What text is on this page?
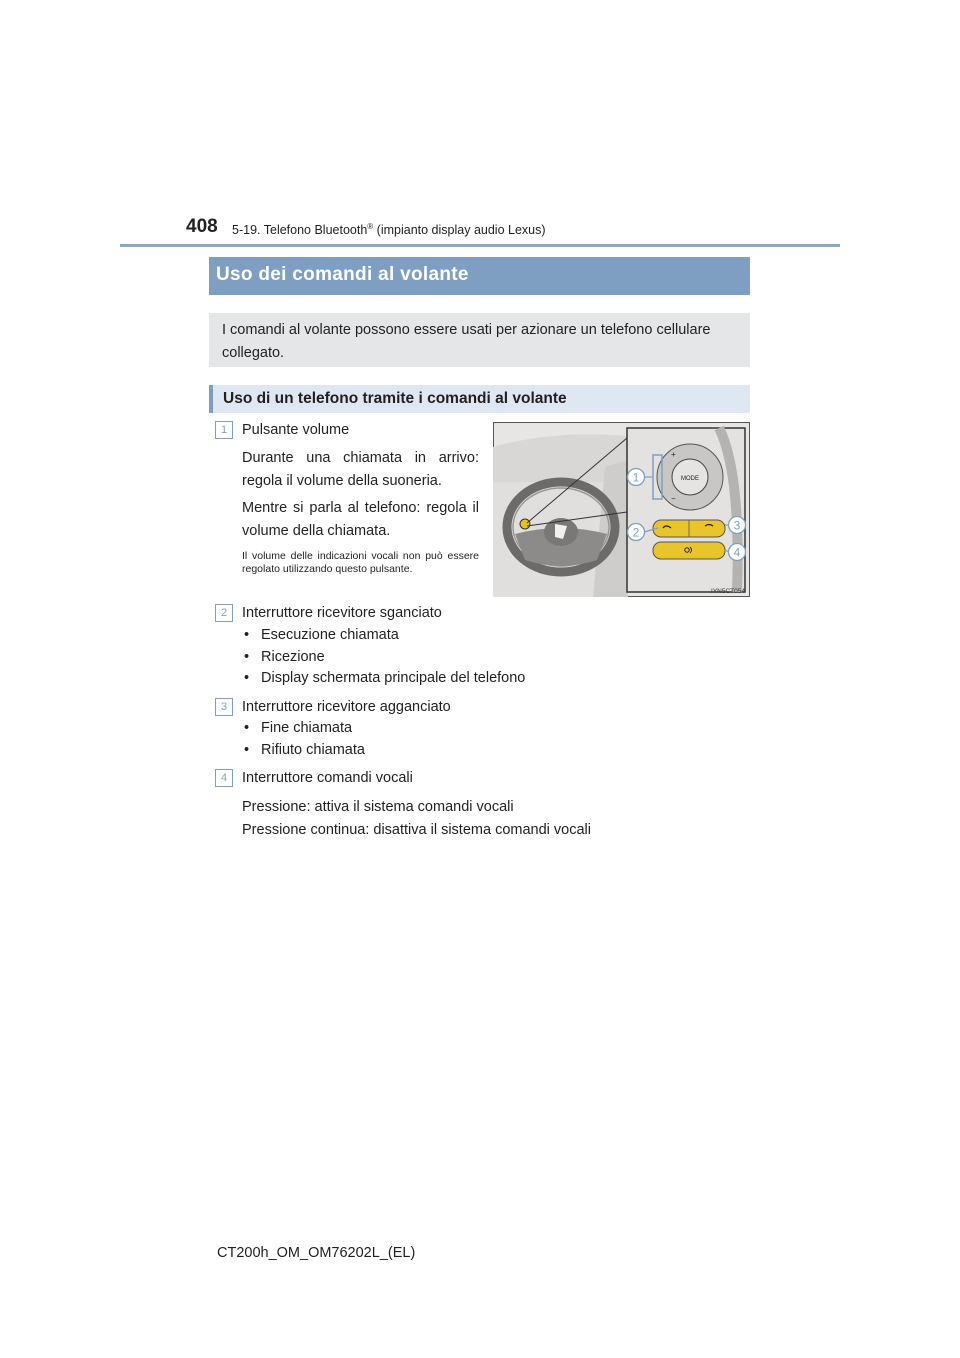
408 5-19. Telefono Bluetooth® (impianto display audio Lexus)
Uso dei comandi al volante
I comandi al volante possono essere usati per azionare un telefono cellulare collegato.
Uso di un telefono tramite i comandi al volante
1	Pulsante volume
Durante una chiamata in arrivo: regola il volume della suoneria.
Mentre si parla al telefono: regola il volume della chiamata.
Il volume delle indicazioni vocali non può essere regolato utilizzando questo pulsante.
MODE
+
−
1
2	3
4
IYN5CT054
2	Interruttore ricevitore sganciato
• Esecuzione chiamata
• Ricezione
• Display schermata principale del telefono
3	Interruttore ricevitore agganciato
• Fine chiamata
• Rifiuto chiamata
4	Interruttore comandi vocali
Pressione: attiva il sistema comandi vocali
Pressione continua: disattiva il sistema comandi vocali
CT200h_OM_OM76202L_(EL)
